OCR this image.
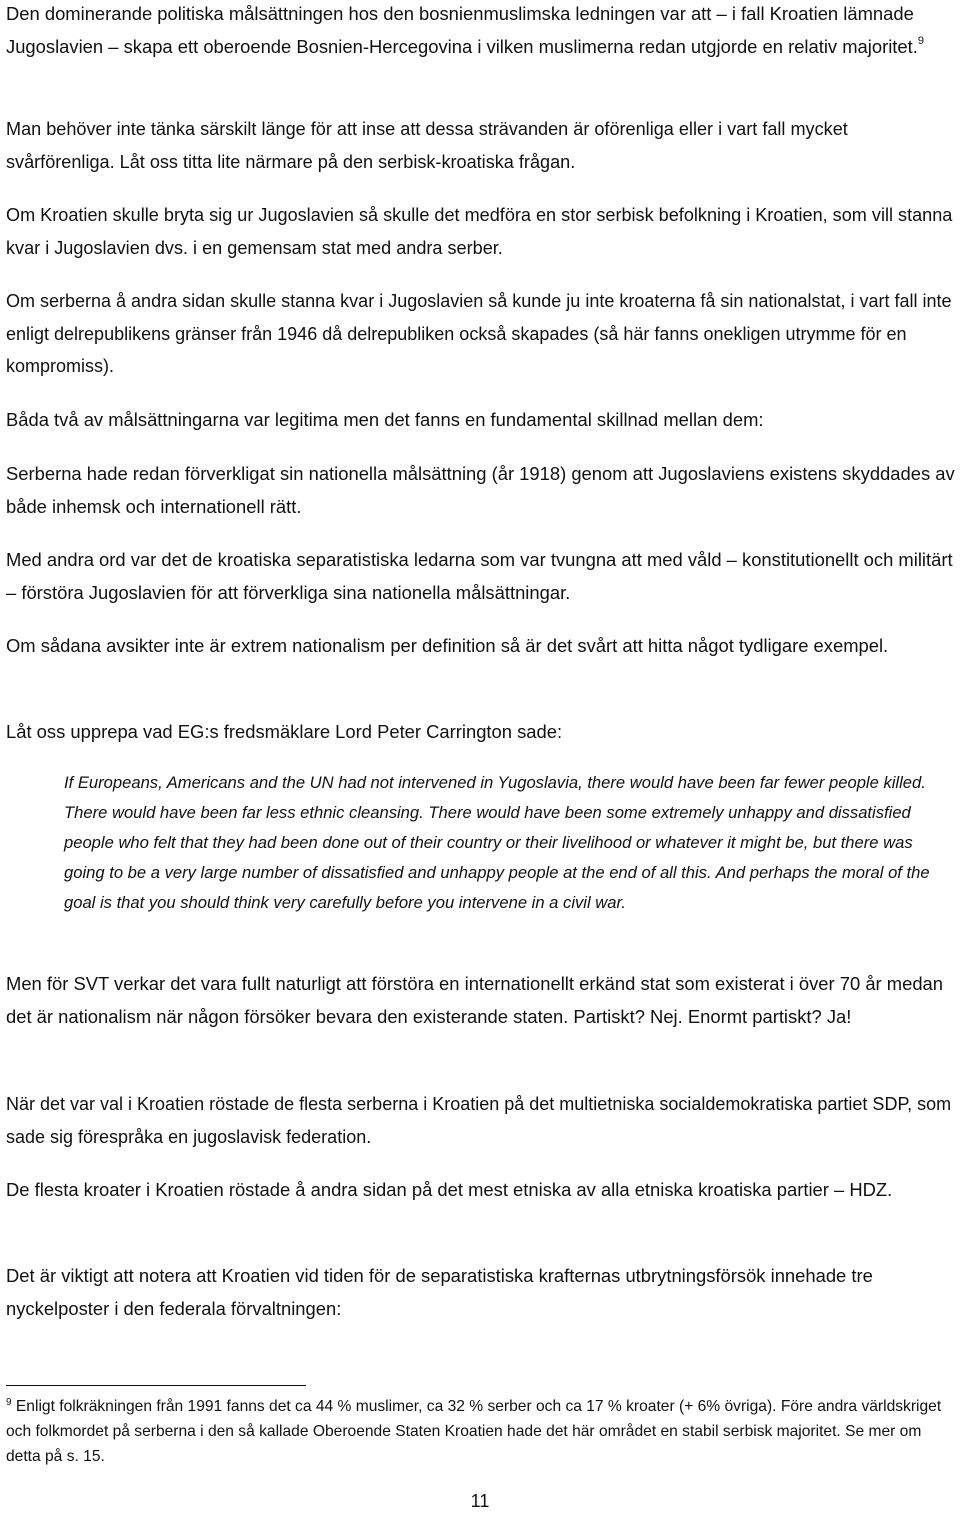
Den dominerande politiska målsättningen hos den bosnienmuslimska ledningen var att – i fall Kroatien lämnade Jugoslavien – skapa ett oberoende Bosnien-Hercegovina i vilken muslimerna redan utgjorde en relativ majoritet.$^9$

Man behöver inte tänka särskilt länge för att inse att dessa strävanden är oförenliga eller i vart fall mycket svårförenliga. Låt oss titta lite närmare på den serbisk-kroatiska frågan.

Om Kroatien skulle bryta sig ur Jugoslavien så skulle det medföra en stor serbisk befolkning i Kroatien, som vill stanna kvar i Jugoslavien dvs. i en gemensam stat med andra serber.

Om serberna å andra sidan skulle stanna kvar i Jugoslavien så kunde ju inte kroaterna få sin nationalstat, i vart fall inte enligt delrepublikens gränser från 1946 då delrepubliken också skapades (så här fanns onekligen utrymme för en kompromiss).

Båda två av målsättningarna var legitima men det fanns en fundamental skillnad mellan dem:

Serberna hade redan förverkligat sin nationella målsättning (år 1918) genom att Jugoslaviens existens skyddades av både inhemsk och internationell rätt.

Med andra ord var det de kroatiska separatistiska ledarna som var tvungna att med våld – konstitutionellt och militärt – förstöra Jugoslavien för att förverkliga sina nationella målsättningar.

Om sådana avsikter inte är extrem nationalism per definition så är det svårt att hitta något tydligare exempel.

Låt oss upprepa vad EG:s fredsmäklare Lord Peter Carrington sade:

If Europeans, Americans and the UN had not intervened in Yugoslavia, there would have been far fewer people killed. There would have been far less ethnic cleansing. There would have been some extremely unhappy and dissatisfied people who felt that they had been done out of their country or their livelihood or whatever it might be, but there was going to be a very large number of dissatisfied and unhappy people at the end of all this. And perhaps the moral of the goal is that you should think very carefully before you intervene in a civil war.

Men för SVT verkar det vara fullt naturligt att förstöra en internationellt erkänd stat som existerat i över 70 år medan det är nationalism när någon försöker bevara den existerande staten. Partiskt? Nej. Enormt partiskt? Ja!

När det var val i Kroatien röstade de flesta serberna i Kroatien på det multietniska socialdemokratiska partiet SDP, som sade sig förespråka en jugoslavisk federation.

De flesta kroater i Kroatien röstade å andra sidan på det mest etniska av alla etniska kroatiska partier – HDZ.

Det är viktigt att notera att Kroatien vid tiden för de separatistiska krafternas utbrytningsförsök innehade tre nyckelposter i den federala förvaltningen:

$^9$ Enligt folkräkningen från 1991 fanns det ca 44 % muslimer, ca 32 % serber och ca 17 % kroater (+ 6% övriga). Före andra världskriget och folkmordet på serberna i den så kallade Oberoende Staten Kroatien hade det här området en stabil serbisk majoritet. Se mer om detta på s. 15.

11
